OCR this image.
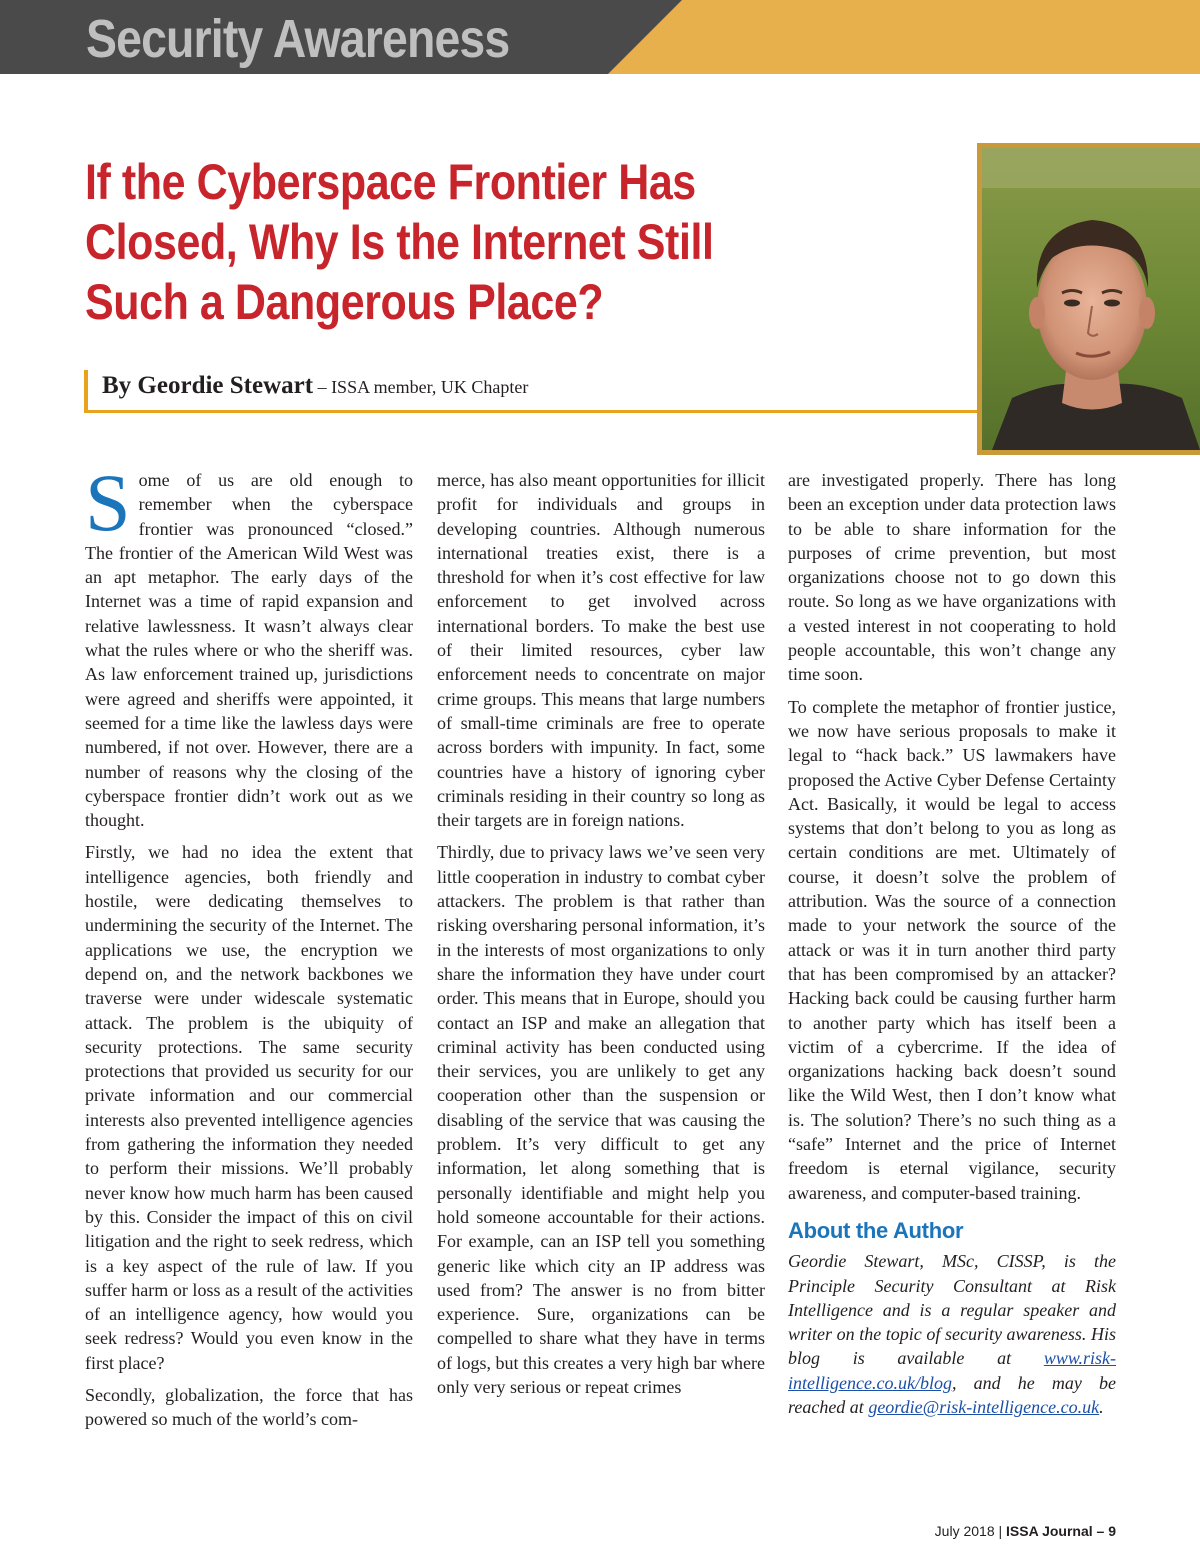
Security Awareness
If the Cyberspace Frontier Has
Closed, Why Is the Internet Still
Such a Dangerous Place?
By Geordie Stewart – ISSA member, UK Chapter

Some of us are old enough to remember when the cyberspace frontier was pronounced “closed.” The frontier of the American Wild West was an apt metaphor. The early days of the Internet was a time of rapid expansion and relative lawlessness. It wasn’t always clear what the rules where or who the sheriff was. As law enforcement trained up, jurisdictions were agreed and sheriffs were appointed, it seemed for a time like the lawless days were numbered, if not over. However, there are a number of reasons why the closing of the cyberspace frontier didn’t work out as we thought.

Firstly, we had no idea the extent that intelligence agencies, both friendly and hostile, were dedicating themselves to undermining the security of the Internet. The applications we use, the encryption we depend on, and the network backbones we traverse were under widescale systematic attack. The problem is the ubiquity of security protections. The same security protections that provided us security for our private information and our commercial interests also prevented intelligence agencies from gathering the information they needed to perform their missions. We’ll probably never know how much harm has been caused by this. Consider the impact of this on civil litigation and the right to seek redress, which is a key aspect of the rule of law. If you suffer harm or loss as a result of the activities of an intelligence agency, how would you seek redress? Would you even know in the first place?

Secondly, globalization, the force that has powered so much of the world’s com-

merce, has also meant opportunities for illicit profit for individuals and groups in developing countries. Although numerous international treaties exist, there is a threshold for when it’s cost effective for law enforcement to get involved across international borders. To make the best use of their limited resources, cyber law enforcement needs to concentrate on major crime groups. This means that large numbers of small-time criminals are free to operate across borders with impunity. In fact, some countries have a history of ignoring cyber criminals residing in their country so long as their targets are in foreign nations.

Thirdly, due to privacy laws we’ve seen very little cooperation in industry to combat cyber attackers. The problem is that rather than risking oversharing personal information, it’s in the interests of most organizations to only share the information they have under court order. This means that in Europe, should you contact an ISP and make an allegation that criminal activity has been conducted using their services, you are unlikely to get any cooperation other than the suspension or disabling of the service that was causing the problem. It’s very difficult to get any information, let along something that is personally identifiable and might help you hold someone accountable for their actions. For example, can an ISP tell you something generic like which city an IP address was used from? The answer is no from bitter experience. Sure, organizations can be compelled to share what they have in terms of logs, but this creates a very high bar where only very serious or repeat crimes

are investigated properly. There has long been an exception under data protection laws to be able to share information for the purposes of crime prevention, but most organizations choose not to go down this route. So long as we have organizations with a vested interest in not cooperating to hold people accountable, this won’t change any time soon.

To complete the metaphor of frontier justice, we now have serious proposals to make it legal to “hack back.” US lawmakers have proposed the Active Cyber Defense Certainty Act. Basically, it would be legal to access systems that don’t belong to you as long as certain conditions are met. Ultimately of course, it doesn’t solve the problem of attribution. Was the source of a connection made to your network the source of the attack or was it in turn another third party that has been compromised by an attacker? Hacking back could be causing further harm to another party which has itself been a victim of a cybercrime. If the idea of organizations hacking back doesn’t sound like the Wild West, then I don’t know what is. The solution? There’s no such thing as a “safe” Internet and the price of Internet freedom is eternal vigilance, security awareness, and computer-based training.

About the Author

Geordie Stewart, MSc, CISSP, is the Principle Security Consultant at Risk Intelligence and is a regular speaker and writer on the topic of security awareness. His blog is available at www.risk-intelligence.co.uk/blog, and he may be reached at geordie@risk-intelligence.co.uk.

July 2018 | ISSA Journal – 9
